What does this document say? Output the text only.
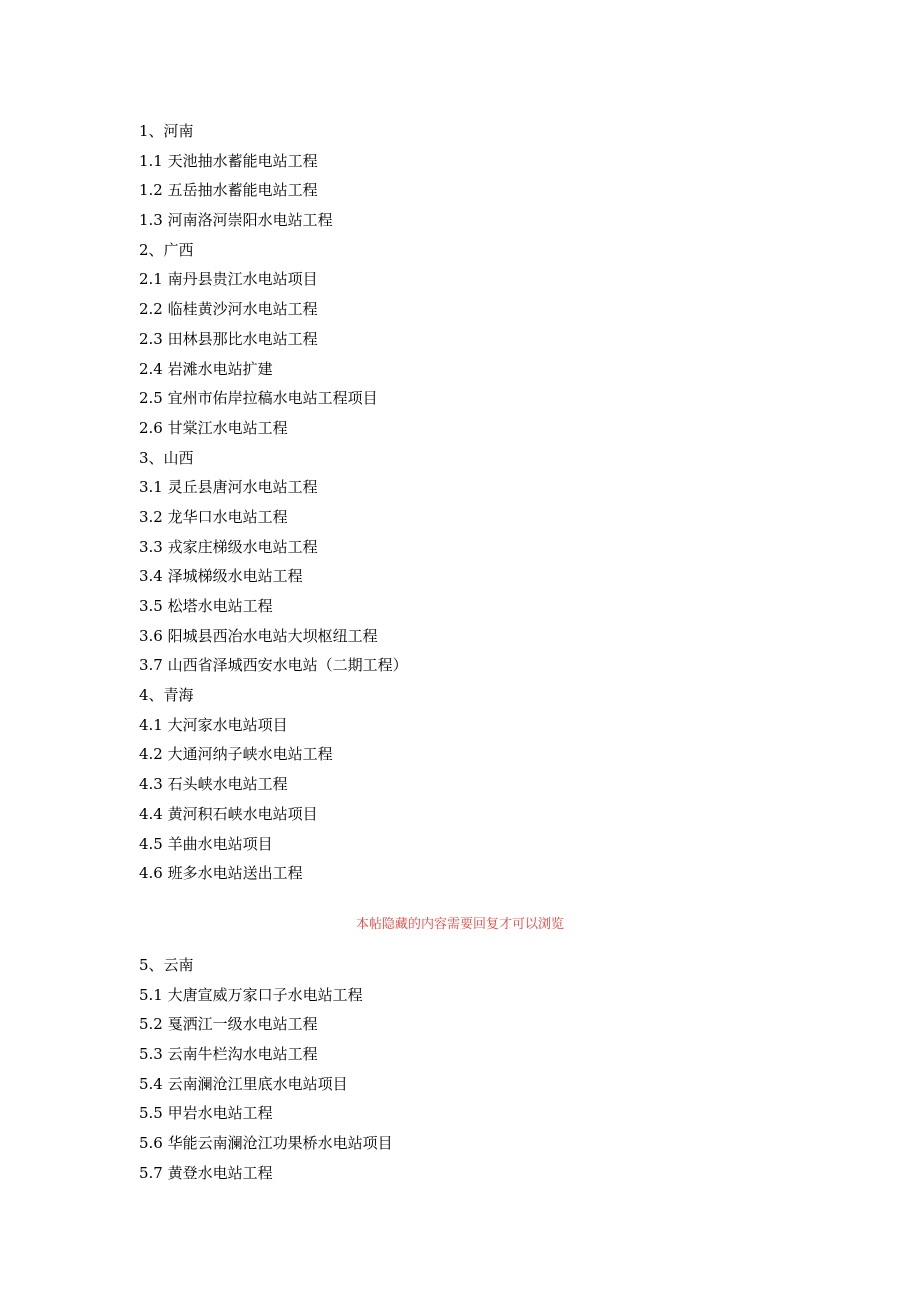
1、河南
1.1 天池抽水蓄能电站工程
1.2 五岳抽水蓄能电站工程
1.3 河南洛河崇阳水电站工程
2、广西
2.1 南丹县贵江水电站项目
2.2 临桂黄沙河水电站工程
2.3 田林县那比水电站工程
2.4 岩滩水电站扩建
2.5 宜州市佑岸拉稿水电站工程项目
2.6 甘棠江水电站工程
3、山西
3.1 灵丘县唐河水电站工程
3.2 龙华口水电站工程
3.3 戎家庄梯级水电站工程
3.4 泽城梯级水电站工程
3.5 松塔水电站工程
3.6 阳城县西冶水电站大坝枢纽工程
3.7 山西省泽城西安水电站（二期工程）
4、青海
4.1 大河家水电站项目
4.2 大通河纳子峡水电站工程
4.3 石头峡水电站工程
4.4 黄河积石峡水电站项目
4.5 羊曲水电站项目
4.6 班多水电站送出工程
本帖隐藏的内容需要回复才可以浏览
5、云南
5.1 大唐宣威万家口子水电站工程
5.2 戛洒江一级水电站工程
5.3 云南牛栏沟水电站工程
5.4 云南澜沧江里底水电站项目
5.5 甲岩水电站工程
5.6 华能云南澜沧江功果桥水电站项目
5.7 黄登水电站工程
